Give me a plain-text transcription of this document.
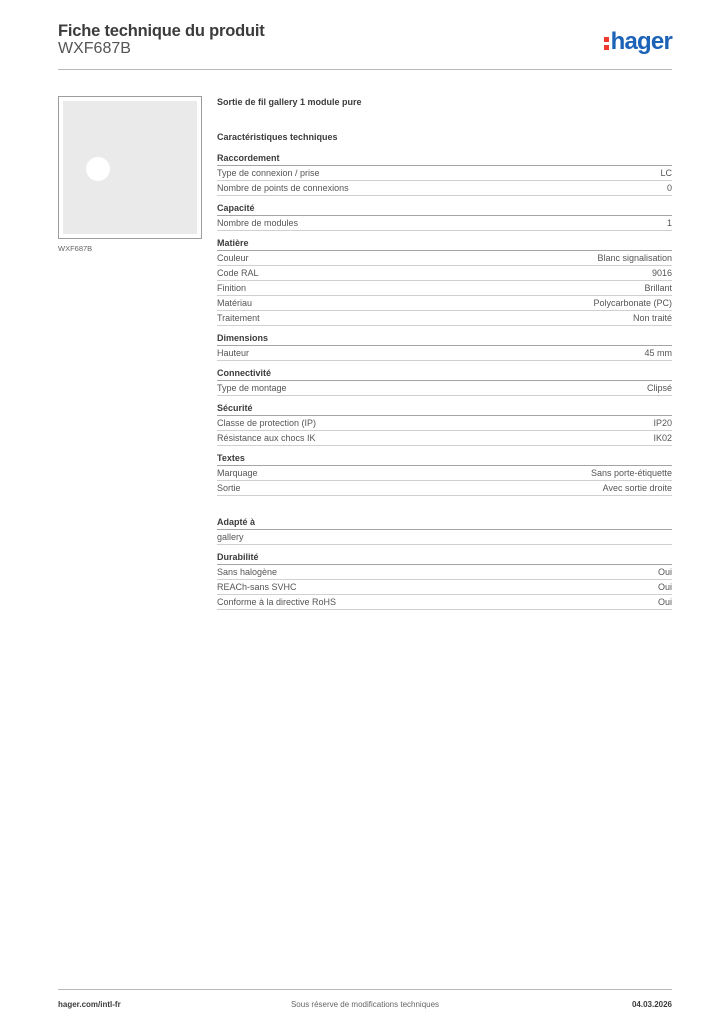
Fiche technique du produit
WXF687B	hager
WXF687B
Sortie de fil gallery 1 module pure
Caractéristiques techniques
Raccordement
Type de connexion / prise	LC
Nombre de points de connexions	0
Capacité
Nombre de modules	1
Matière
Couleur	Blanc signalisation
Code RAL	9016
Finition	Brillant
Matériau	Polycarbonate (PC)
Traitement	Non traité
Dimensions
Hauteur	45 mm
Connectivité
Type de montage	Clipsé
Sécurité
Classe de protection (IP)	IP20
Résistance aux chocs IK	IK02
Textes
Marquage	Sans porte-étiquette
Sortie	Avec sortie droite
Adapté à
gallery
Durabilité
Sans halogène	Oui
REACh-sans SVHC	Oui
Conforme à la directive RoHS	Oui
hager.com/intl-fr	Sous réserve de modifications techniques	04.03.2026
